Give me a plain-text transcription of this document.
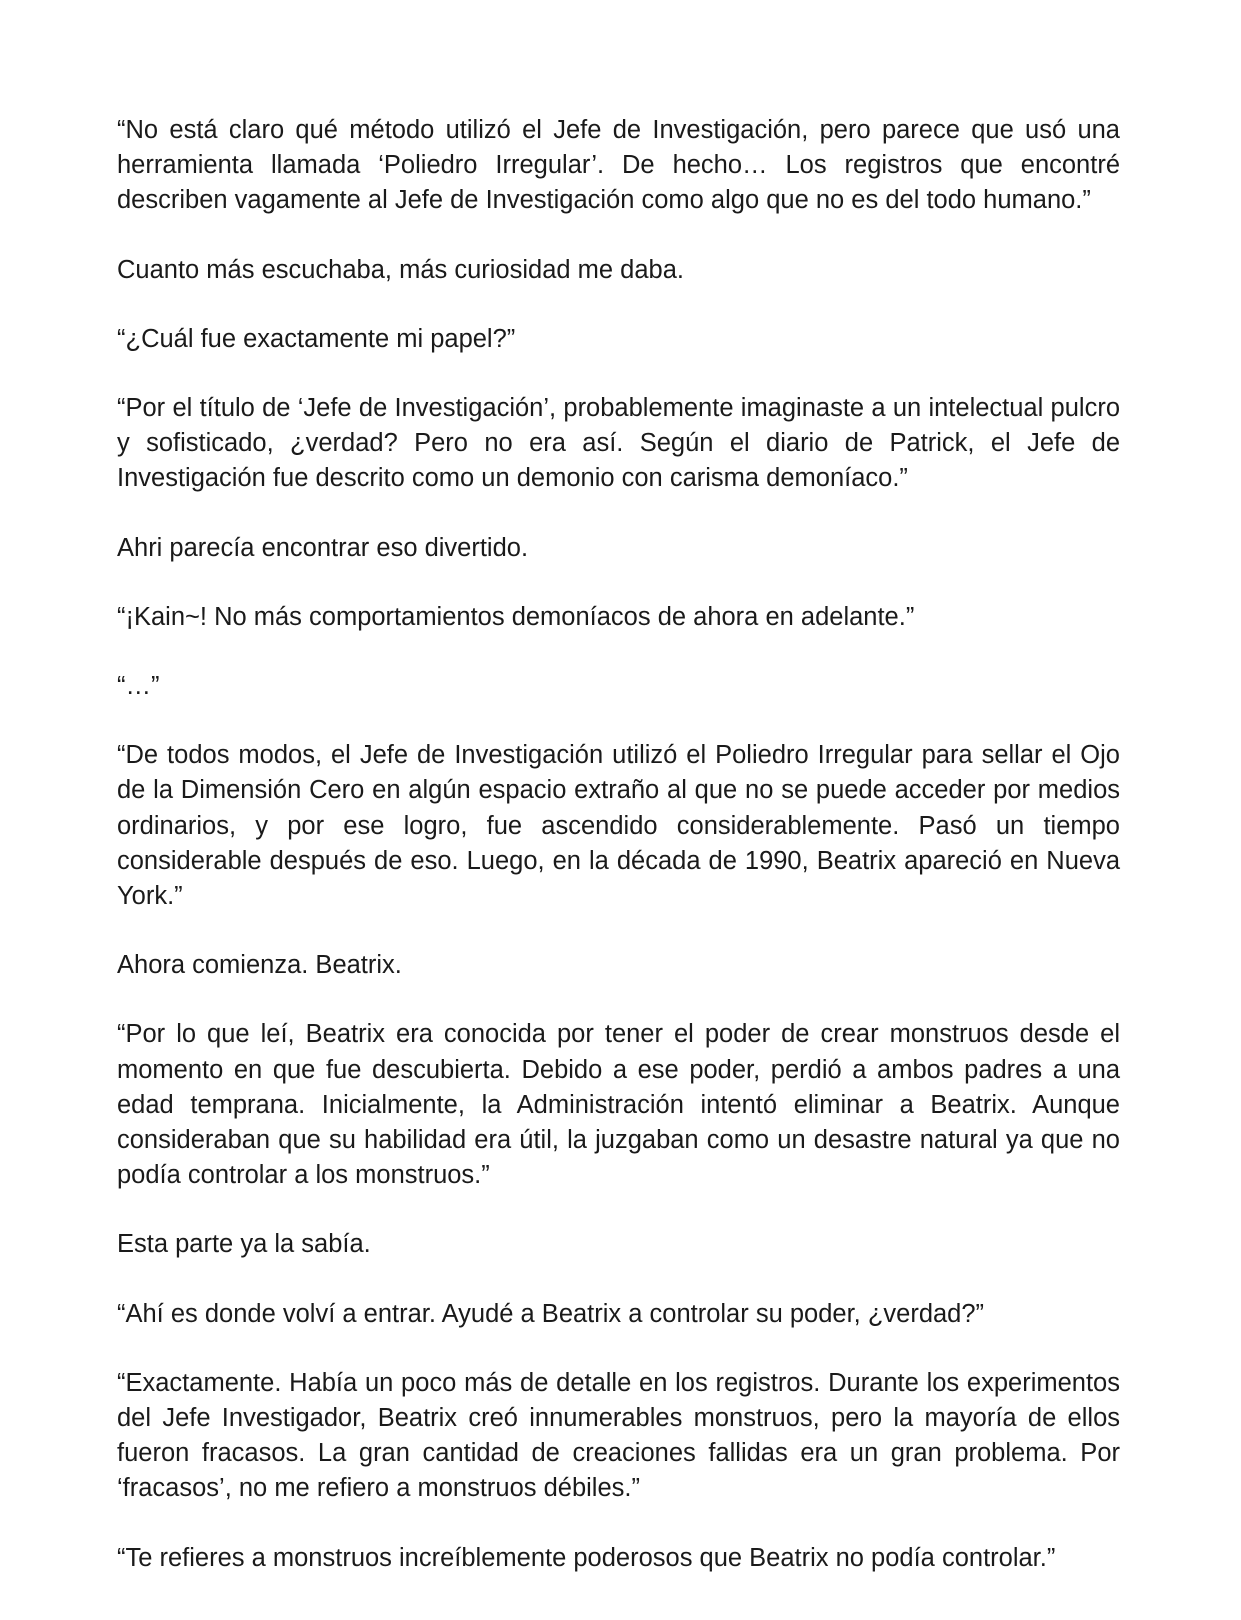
“No está claro qué método utilizó el Jefe de Investigación, pero parece que usó una herramienta llamada ‘Poliedro Irregular’. De hecho… Los registros que encontré describen vagamente al Jefe de Investigación como algo que no es del todo humano.”

Cuanto más escuchaba, más curiosidad me daba.

“¿Cuál fue exactamente mi papel?”

“Por el título de ‘Jefe de Investigación’, probablemente imaginaste a un intelectual pulcro y sofisticado, ¿verdad? Pero no era así. Según el diario de Patrick, el Jefe de Investigación fue descrito como un demonio con carisma demoníaco.”

Ahri parecía encontrar eso divertido.

“¡Kain~! No más comportamientos demoníacos de ahora en adelante.”

“…”

“De todos modos, el Jefe de Investigación utilizó el Poliedro Irregular para sellar el Ojo de la Dimensión Cero en algún espacio extraño al que no se puede acceder por medios ordinarios, y por ese logro, fue ascendido considerablemente. Pasó un tiempo considerable después de eso. Luego, en la década de 1990, Beatrix apareció en Nueva York.”

Ahora comienza. Beatrix.

“Por lo que leí, Beatrix era conocida por tener el poder de crear monstruos desde el momento en que fue descubierta. Debido a ese poder, perdió a ambos padres a una edad temprana. Inicialmente, la Administración intentó eliminar a Beatrix. Aunque consideraban que su habilidad era útil, la juzgaban como un desastre natural ya que no podía controlar a los monstruos.”

Esta parte ya la sabía.

“Ahí es donde volví a entrar. Ayudé a Beatrix a controlar su poder, ¿verdad?”

“Exactamente. Había un poco más de detalle en los registros. Durante los experimentos del Jefe Investigador, Beatrix creó innumerables monstruos, pero la mayoría de ellos fueron fracasos. La gran cantidad de creaciones fallidas era un gran problema. Por ‘fracasos’, no me refiero a monstruos débiles.”

“Te refieres a monstruos increíblemente poderosos que Beatrix no podía controlar.”
